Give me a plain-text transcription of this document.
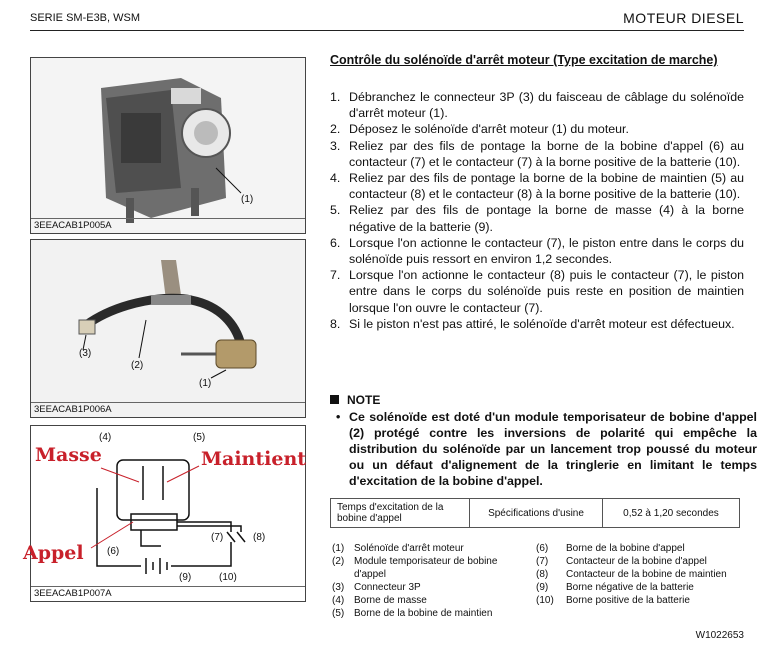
SERIE SM-E3B, WSM	MOTEUR DIESEL
(1)
3EEACAB1P005A
(3)
(2)
(1)
3EEACAB1P006A
(4)	(5)
(6)
(7)	(8)
(9)	(10)
Masse	Maintient
Appel
3EEACAB1P007A
Contrôle du solénoïde d'arrêt moteur (Type excitation de marche)
1. Débranchez le connecteur 3P (3) du faisceau de câblage du solénoïde d'arrêt moteur (1).
2. Déposez le solénoïde d'arrêt moteur (1) du moteur.
3. Reliez par des fils de pontage la borne de la bobine d'appel (6) au contacteur (7) et le contacteur (7) à la borne positive de la batterie (10).
4. Reliez par des fils de pontage la borne de la bobine de maintien (5) au contacteur (8) et le contacteur (8) à la borne positive de la batterie (10).
5. Reliez par des fils de pontage la borne de masse (4) à la borne négative de la batterie (9).
6. Lorsque l'on actionne le contacteur (7), le piston entre dans le corps du solénoïde puis ressort en environ 1,2 secondes.
7. Lorsque l'on actionne le contacteur (8) puis le contacteur (7), le piston entre dans le corps du solénoïde puis reste en position de maintien lorsque l'on ouvre le contacteur (7).
8. Si le piston n'est pas attiré, le solénoïde d'arrêt moteur est défectueux.
NOTE
• Ce solénoïde est doté d'un module temporisateur de bobine d'appel (2) protégé contre les inversions de polarité qui empêche la distribution du solénoïde par un lancement trop poussé du moteur ou un défaut d'alignement de la tringlerie en limitant le temps d'excitation de la bobine d'appel.
Temps d'excitation de la bobine d'appel	Spécifications d'usine	0,52 à 1,20 secondes
(1) Solénoïde d'arrêt moteur
(2) Module temporisateur de bobine d'appel
(3) Connecteur 3P
(4) Borne de masse
(5) Borne de la bobine de maintien
(6) Borne de la bobine d'appel
(7) Contacteur de la bobine d'appel
(8) Contacteur de la bobine de maintien
(9) Borne négative de la batterie
(10) Borne positive de la batterie
W1022653
